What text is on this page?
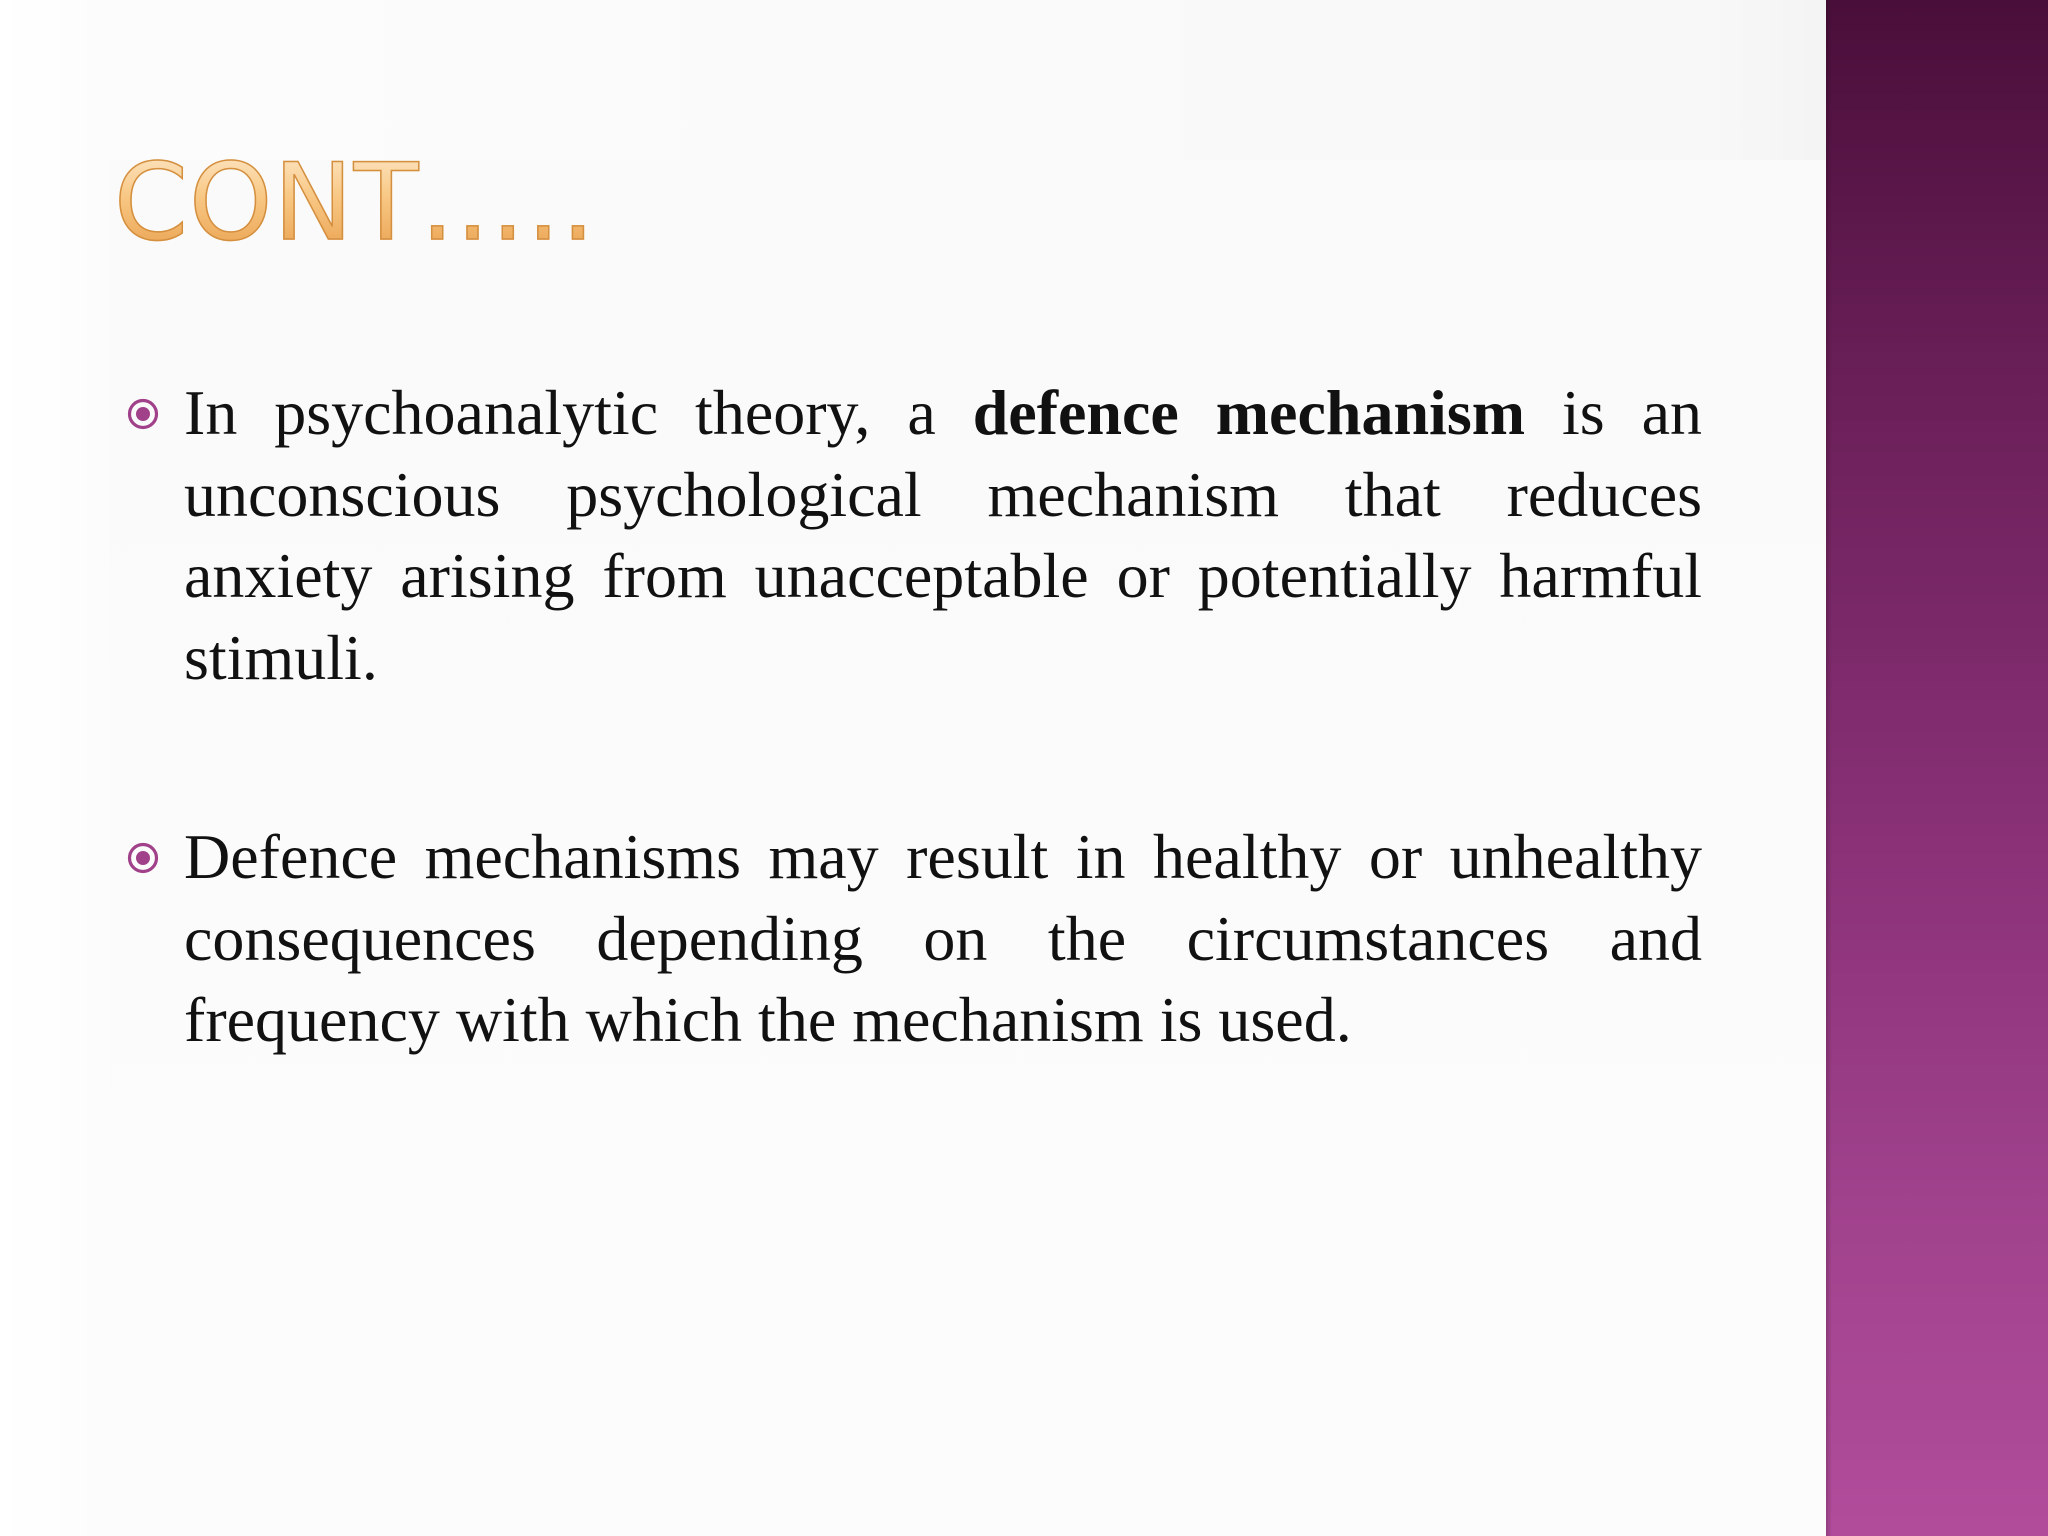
CONT…..
In psychoanalytic theory, a defence mechanism is an unconscious psychological mechanism that reduces anxiety arising from unacceptable or potentially harmful stimuli.
Defence mechanisms may result in healthy or unhealthy consequences depending on the circumstances and frequency with which the mechanism is used.
